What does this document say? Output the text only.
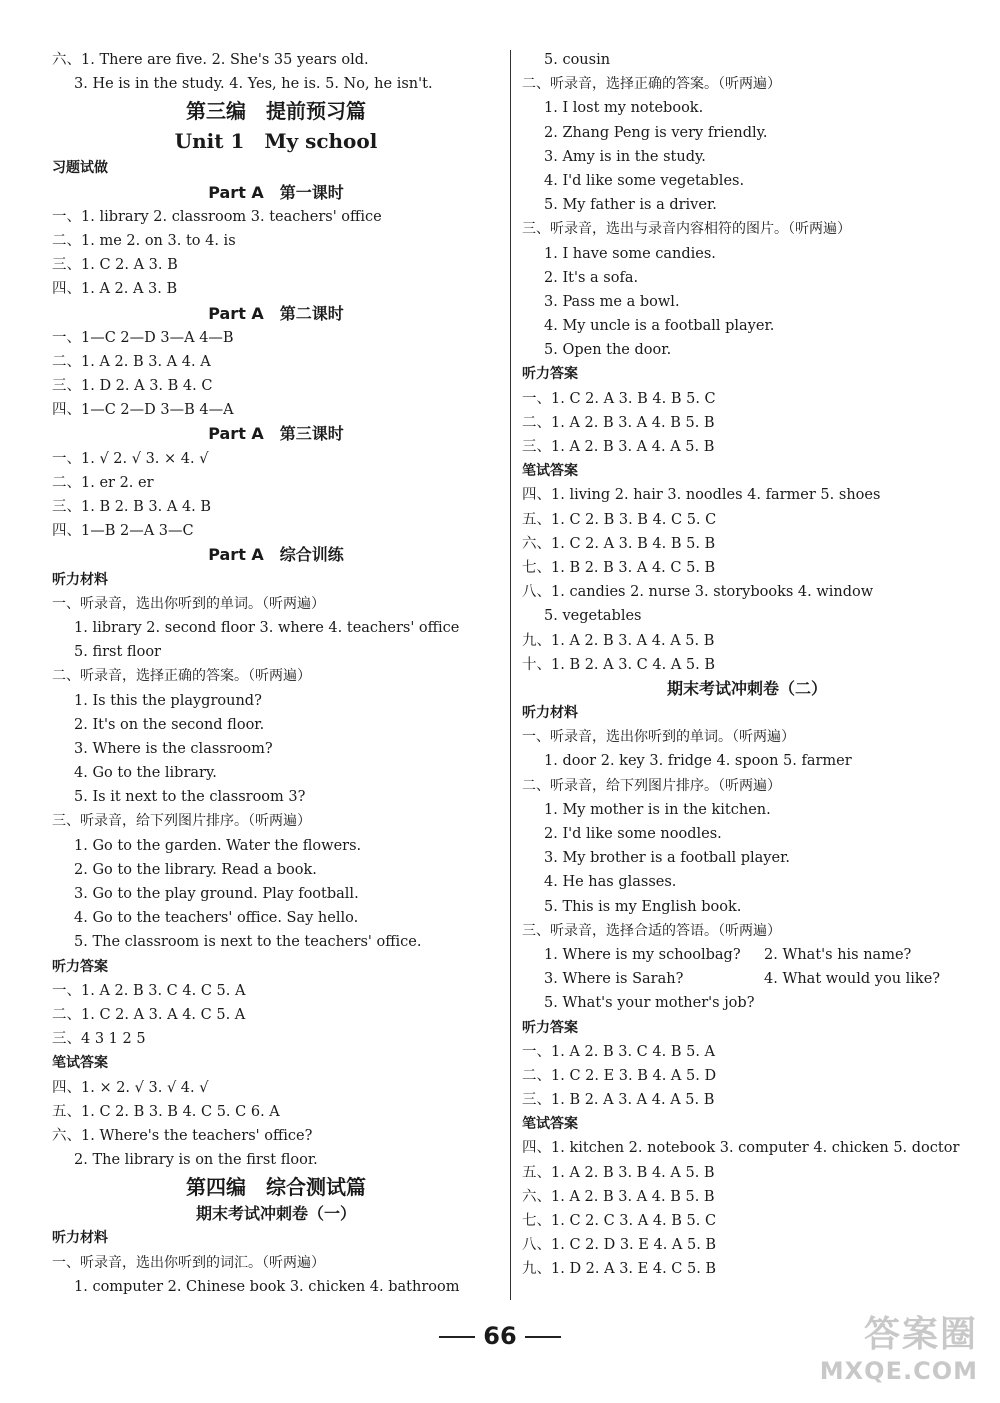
六、1. There are five. 2. She's 35 years old.
3. He is in the study. 4. Yes, he is. 5. No, he isn't.
第三编　提前预习篇
Unit 1　My school
习题试做
Part A　第一课时
一、1. library 2. classroom 3. teachers' office
二、1. me 2. on 3. to 4. is
三、1. C 2. A 3. B
四、1. A 2. A 3. B
Part A　第二课时
一、1—C 2—D 3—A 4—B
二、1. A 2. B 3. A 4. A
三、1. D 2. A 3. B 4. C
四、1—C 2—D 3—B 4—A
Part A　第三课时
一、1. √ 2. √ 3. × 4. √
二、1. er 2. er
三、1. B 2. B 3. A 4. B
四、1—B 2—A 3—C
Part A　综合训练
听力材料
一、听录音，选出你听到的单词。（听两遍）
1. library 2. second floor 3. where 4. teachers' office
5. first floor
二、听录音，选择正确的答案。（听两遍）
1. Is this the playground?
2. It's on the second floor.
3. Where is the classroom?
4. Go to the library.
5. Is it next to the classroom 3?
三、听录音，给下列图片排序。（听两遍）
1. Go to the garden. Water the flowers.
2. Go to the library. Read a book.
3. Go to the play ground. Play football.
4. Go to the teachers' office. Say hello.
5. The classroom is next to the teachers' office.
听力答案
一、1. A 2. B 3. C 4. C 5. A
二、1. C 2. A 3. A 4. C 5. A
三、4 3 1 2 5
笔试答案
四、1. × 2. √ 3. √ 4. √
五、1. C 2. B 3. B 4. C 5. C 6. A
六、1. Where's the teachers' office?
2. The library is on the first floor.
第四编　综合测试篇
期末考试冲刺卷（一）
听力材料
一、听录音，选出你听到的词汇。（听两遍）
1. computer 2. Chinese book 3. chicken 4. bathroom
5. cousin
二、听录音，选择正确的答案。（听两遍）
1. I lost my notebook.
2. Zhang Peng is very friendly.
3. Amy is in the study.
4. I'd like some vegetables.
5. My father is a driver.
三、听录音，选出与录音内容相符的图片。（听两遍）
1. I have some candies.
2. It's a sofa.
3. Pass me a bowl.
4. My uncle is a football player.
5. Open the door.
听力答案
一、1. C 2. A 3. B 4. B 5. C
二、1. A 2. B 3. A 4. B 5. B
三、1. A 2. B 3. A 4. A 5. B
笔试答案
四、1. living 2. hair 3. noodles 4. farmer 5. shoes
五、1. C 2. B 3. B 4. C 5. C
六、1. C 2. A 3. B 4. B 5. B
七、1. B 2. B 3. A 4. C 5. B
八、1. candies 2. nurse 3. storybooks 4. window
5. vegetables
九、1. A 2. B 3. A 4. A 5. B
十、1. B 2. A 3. C 4. A 5. B
期末考试冲刺卷（二）
听力材料
一、听录音，选出你听到的单词。（听两遍）
1. door 2. key 3. fridge 4. spoon 5. farmer
二、听录音，给下列图片排序。（听两遍）
1. My mother is in the kitchen.
2. I'd like some noodles.
3. My brother is a football player.
4. He has glasses.
5. This is my English book.
三、听录音，选择合适的答语。（听两遍）
1. Where is my schoolbag? 2. What's his name?
3. Where is Sarah?	4. What would you like?
5. What's your mother's job?
听力答案
一、1. A 2. B 3. C 4. B 5. A
二、1. C 2. E 3. B 4. A 5. D
三、1. B 2. A 3. A 4. A 5. B
笔试答案
四、1. kitchen 2. notebook 3. computer 4. chicken 5. doctor
五、1. A 2. B 3. B 4. A 5. B
六、1. A 2. B 3. A 4. B 5. B
七、1. C 2. C 3. A 4. B 5. C
八、1. C 2. D 3. E 4. A 5. B
九、1. D 2. A 3. E 4. C 5. B
66	答案圈
MXQE.COM
